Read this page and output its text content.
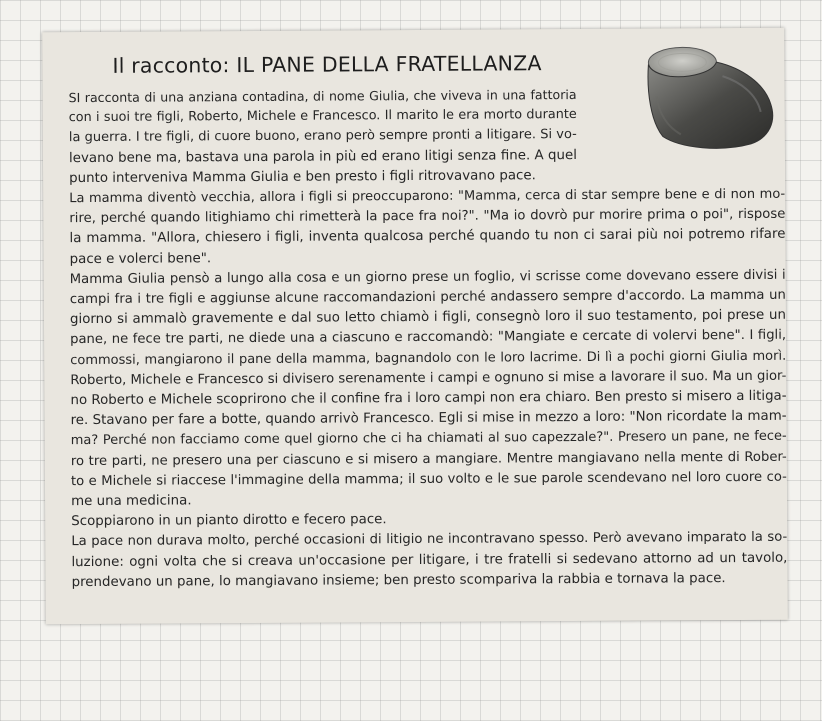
Il racconto: IL PANE DELLA FRATELLANZA
SI racconta di una anziana contadina, di nome Giulia, che viveva in una fattoria
con i suoi tre figli, Roberto, Michele e Francesco. Il marito le era morto durante
la guerra. I tre figli, di cuore buono, erano però sempre pronti a litigare. Si vo-
levano bene ma, bastava una parola in più ed erano litigi senza fine. A quel
punto interveniva Mamma Giulia e ben presto i figli ritrovavano pace.
La mamma diventò vecchia, allora i figli si preoccuparono: "Mamma, cerca di star sempre bene e di non mo-
rire, perché quando litighiamo chi rimetterà la pace fra noi?". "Ma io dovrò pur morire prima o poi", rispose
la mamma. "Allora, chiesero i figli, inventa qualcosa perché quando tu non ci sarai più noi potremo rifare
pace e volerci bene".
Mamma Giulia pensò a lungo alla cosa e un giorno prese un foglio, vi scrisse come dovevano essere divisi i
campi fra i tre figli e aggiunse alcune raccomandazioni perché andassero sempre d'accordo. La mamma un
giorno si ammalò gravemente e dal suo letto chiamò i figli, consegnò loro il suo testamento, poi prese un
pane, ne fece tre parti, ne diede una a ciascuno e raccomandò: "Mangiate e cercate di volervi bene". I figli,
commossi, mangiarono il pane della mamma, bagnandolo con le loro lacrime. Di lì a pochi giorni Giulia morì.
Roberto, Michele e Francesco si divisero serenamente i campi e ognuno si mise a lavorare il suo. Ma un gior-
no Roberto e Michele scoprirono che il confine fra i loro campi non era chiaro. Ben presto si misero a litiga-
re. Stavano per fare a botte, quando arrivò Francesco. Egli si mise in mezzo a loro: "Non ricordate la mam-
ma? Perché non facciamo come quel giorno che ci ha chiamati al suo capezzale?". Presero un pane, ne fece-
ro tre parti, ne presero una per ciascuno e si misero a mangiare. Mentre mangiavano nella mente di Rober-
to e Michele si riaccese l'immagine della mamma; il suo volto e le sue parole scendevano nel loro cuore co-
me una medicina.
Scoppiarono in un pianto dirotto e fecero pace.
La pace non durava molto, perché occasioni di litigio ne incontravano spesso. Però avevano imparato la so-
luzione: ogni volta che si creava un'occasione per litigare, i tre fratelli si sedevano attorno ad un tavolo,
prendevano un pane, lo mangiavano insieme; ben presto scompariva la rabbia e tornava la pace.
